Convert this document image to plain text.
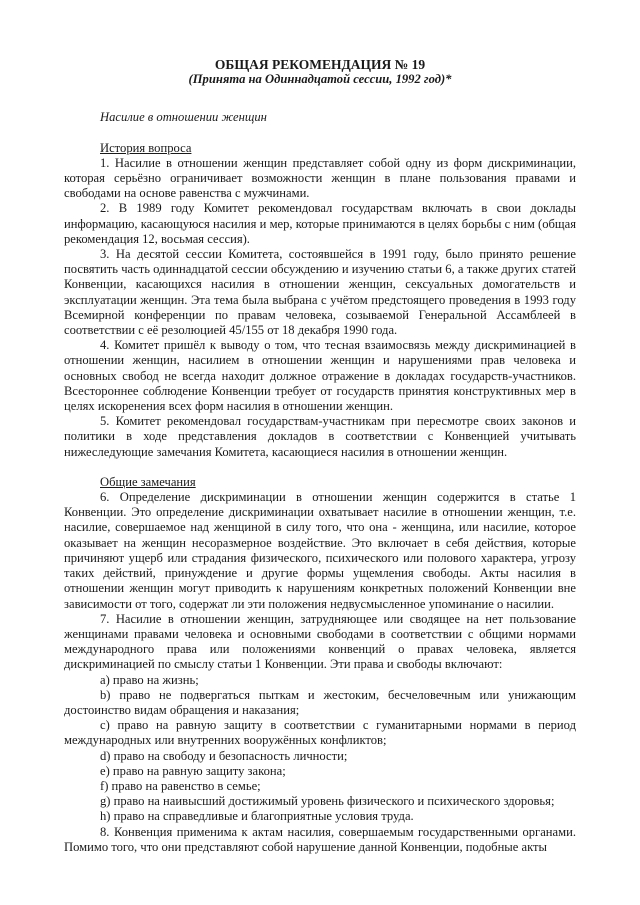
ОБЩАЯ РЕКОМЕНДАЦИЯ № 19
(Принята на Одиннадцатой сессии, 1992 год)*
Насилие в отношении женщин
История вопроса

1. Насилие в отношении женщин представляет собой одну из форм дискриминации, которая серьёзно ограничивает возможности женщин в плане пользования правами и свободами на основе равенства с мужчинами.

2. В 1989 году Комитет рекомендовал государствам включать в свои доклады информацию, касающуюся насилия и мер, которые принимаются в целях борьбы с ним (общая рекомендация 12, восьмая сессия).

3. На десятой сессии Комитета, состоявшейся в 1991 году, было принято решение посвятить часть одиннадцатой сессии обсуждению и изучению статьи 6, а также других статей Конвенции, касающихся насилия в отношении женщин, сексуальных домогательств и эксплуатации женщин. Эта тема была выбрана с учётом предстоящего проведения в 1993 году Всемирной конференции по правам человека, созываемой Генеральной Ассамблеей в соответствии с её резолюцией 45/155 от 18 декабря 1990 года.

4. Комитет пришёл к выводу о том, что тесная взаимосвязь между дискриминацией в отношении женщин, насилием в отношении женщин и нарушениями прав человека и основных свобод не всегда находит должное отражение в докладах государств-участников. Всестороннее соблюдение Конвенции требует от государств принятия конструктивных мер в целях искоренения всех форм насилия в отношении женщин.

5. Комитет рекомендовал государствам-участникам при пересмотре своих законов и политики в ходе представления докладов в соответствии с Конвенцией учитывать нижеследующие замечания Комитета, касающиеся насилия в отношении женщин.

Общие замечания

6. Определение дискриминации в отношении женщин содержится в статье 1 Конвенции. Это определение дискриминации охватывает насилие в отношении женщин, т.е. насилие, совершаемое над женщиной в силу того, что она - женщина, или насилие, которое оказывает на женщин несоразмерное воздействие. Это включает в себя действия, которые причиняют ущерб или страдания физического, психического или полового характера, угрозу таких действий, принуждение и другие формы ущемления свободы. Акты насилия в отношении женщин могут приводить к нарушениям конкретных положений Конвенции вне зависимости от того, содержат ли эти положения недвусмысленное упоминание о насилии.

7. Насилие в отношении женщин, затрудняющее или сводящее на нет пользование женщинами правами человека и основными свободами в соответствии с общими нормами международного права или положениями конвенций о правах человека, является дискриминацией по смыслу статьи 1 Конвенции. Эти права и свободы включают:

a) право на жизнь;

b) право не подвергаться пыткам и жестоким, бесчеловечным или унижающим достоинство видам обращения и наказания;

c) право на равную защиту в соответствии с гуманитарными нормами в период международных или внутренних вооружённых конфликтов;

d) право на свободу и безопасность личности;

e) право на равную защиту закона;

f) право на равенство в семье;

g) право на наивысший достижимый уровень физического и психического здоровья;

h) право на справедливые и благоприятные условия труда.

8. Конвенция применима к актам насилия, совершаемым государственными органами. Помимо того, что они представляют собой нарушение данной Конвенции, подобные акты
